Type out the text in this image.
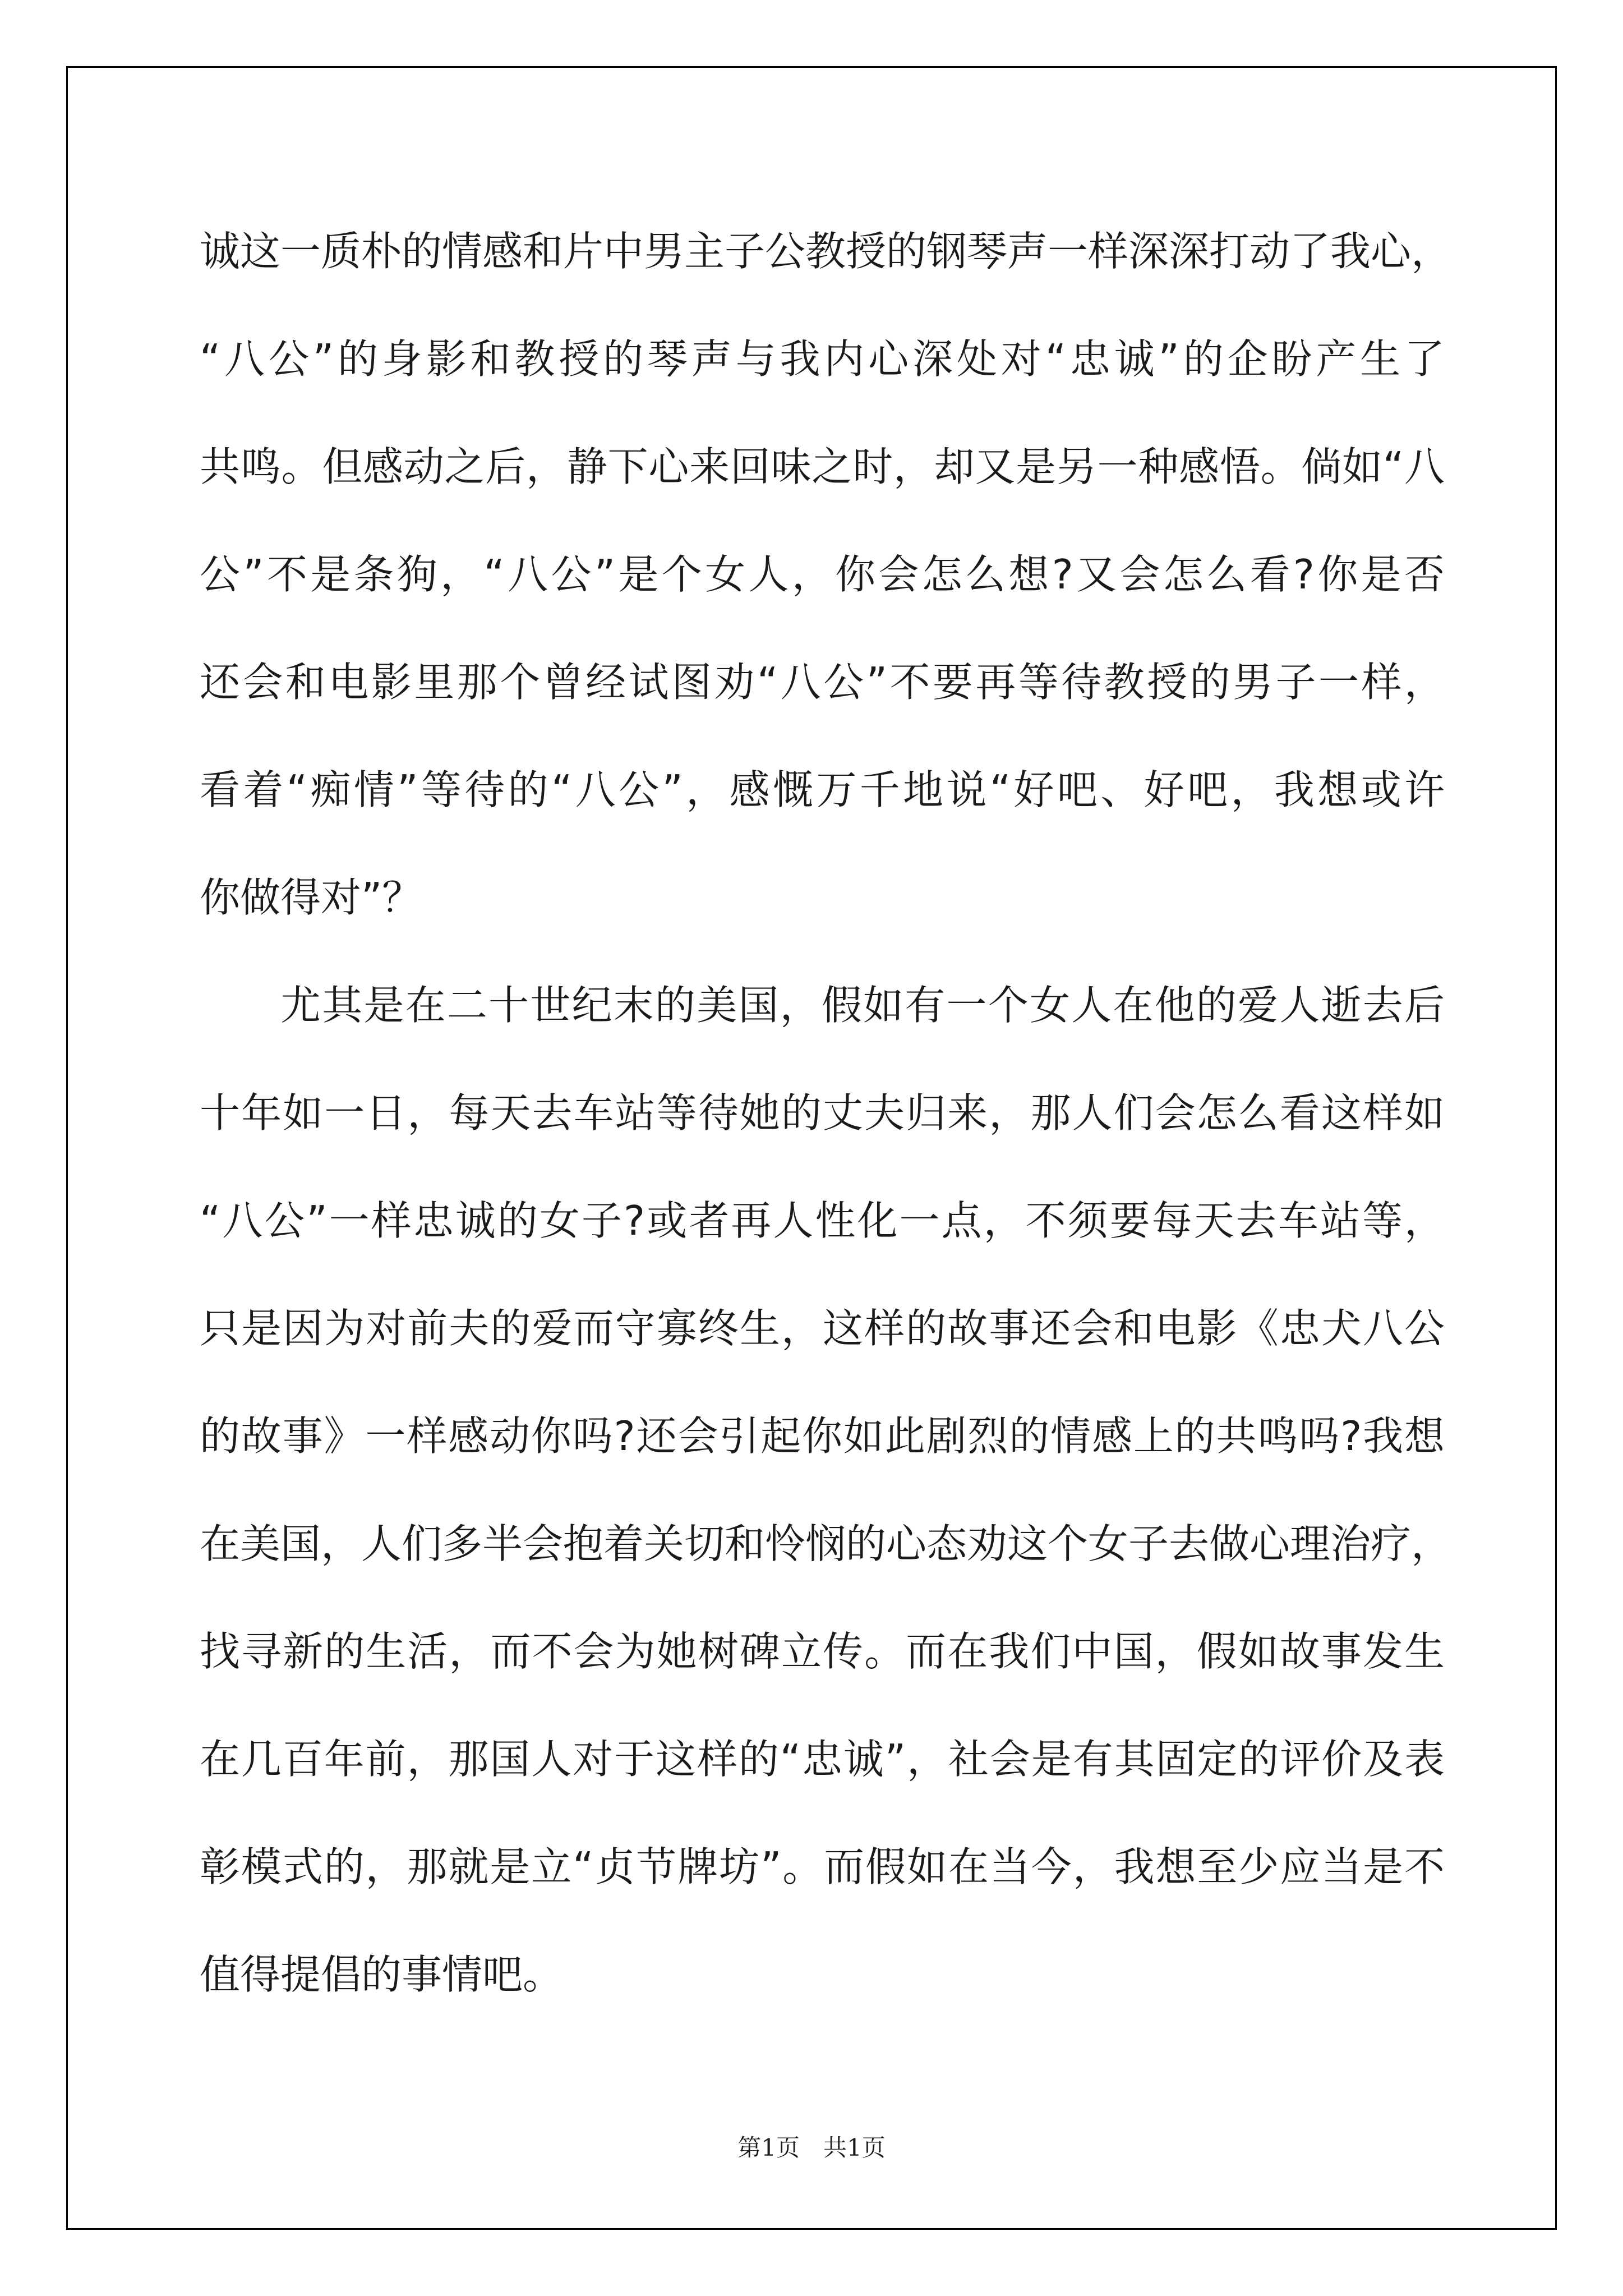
诚这一质朴的情感和片中男主子公教授的钢琴声一样深深打动了我心，
“八公”的身影和教授的琴声与我内心深处对“忠诚”的企盼产生了
共鸣。但感动之后，静下心来回味之时，却又是另一种感悟。倘如“八
公”不是条狗，“八公”是个女人，你会怎么想?又会怎么看?你是否
还会和电影里那个曾经试图劝“八公”不要再等待教授的男子一样，
看着“痴情”等待的“八公”，感慨万千地说“好吧、好吧，我想或许
你做得对”？
尤其是在二十世纪末的美国，假如有一个女人在他的爱人逝去后
十年如一日，每天去车站等待她的丈夫归来，那人们会怎么看这样如
“八公”一样忠诚的女子?或者再人性化一点，不须要每天去车站等，
只是因为对前夫的爱而守寡终生，这样的故事还会和电影《忠犬八公
的故事》一样感动你吗?还会引起你如此剧烈的情感上的共鸣吗?我想
在美国，人们多半会抱着关切和怜悯的心态劝这个女子去做心理治疗，
找寻新的生活，而不会为她树碑立传。而在我们中国，假如故事发生
在几百年前，那国人对于这样的“忠诚”，社会是有其固定的评价及表
彰模式的，那就是立“贞节牌坊”。而假如在当今，我想至少应当是不
值得提倡的事情吧。
第1页　共1页
